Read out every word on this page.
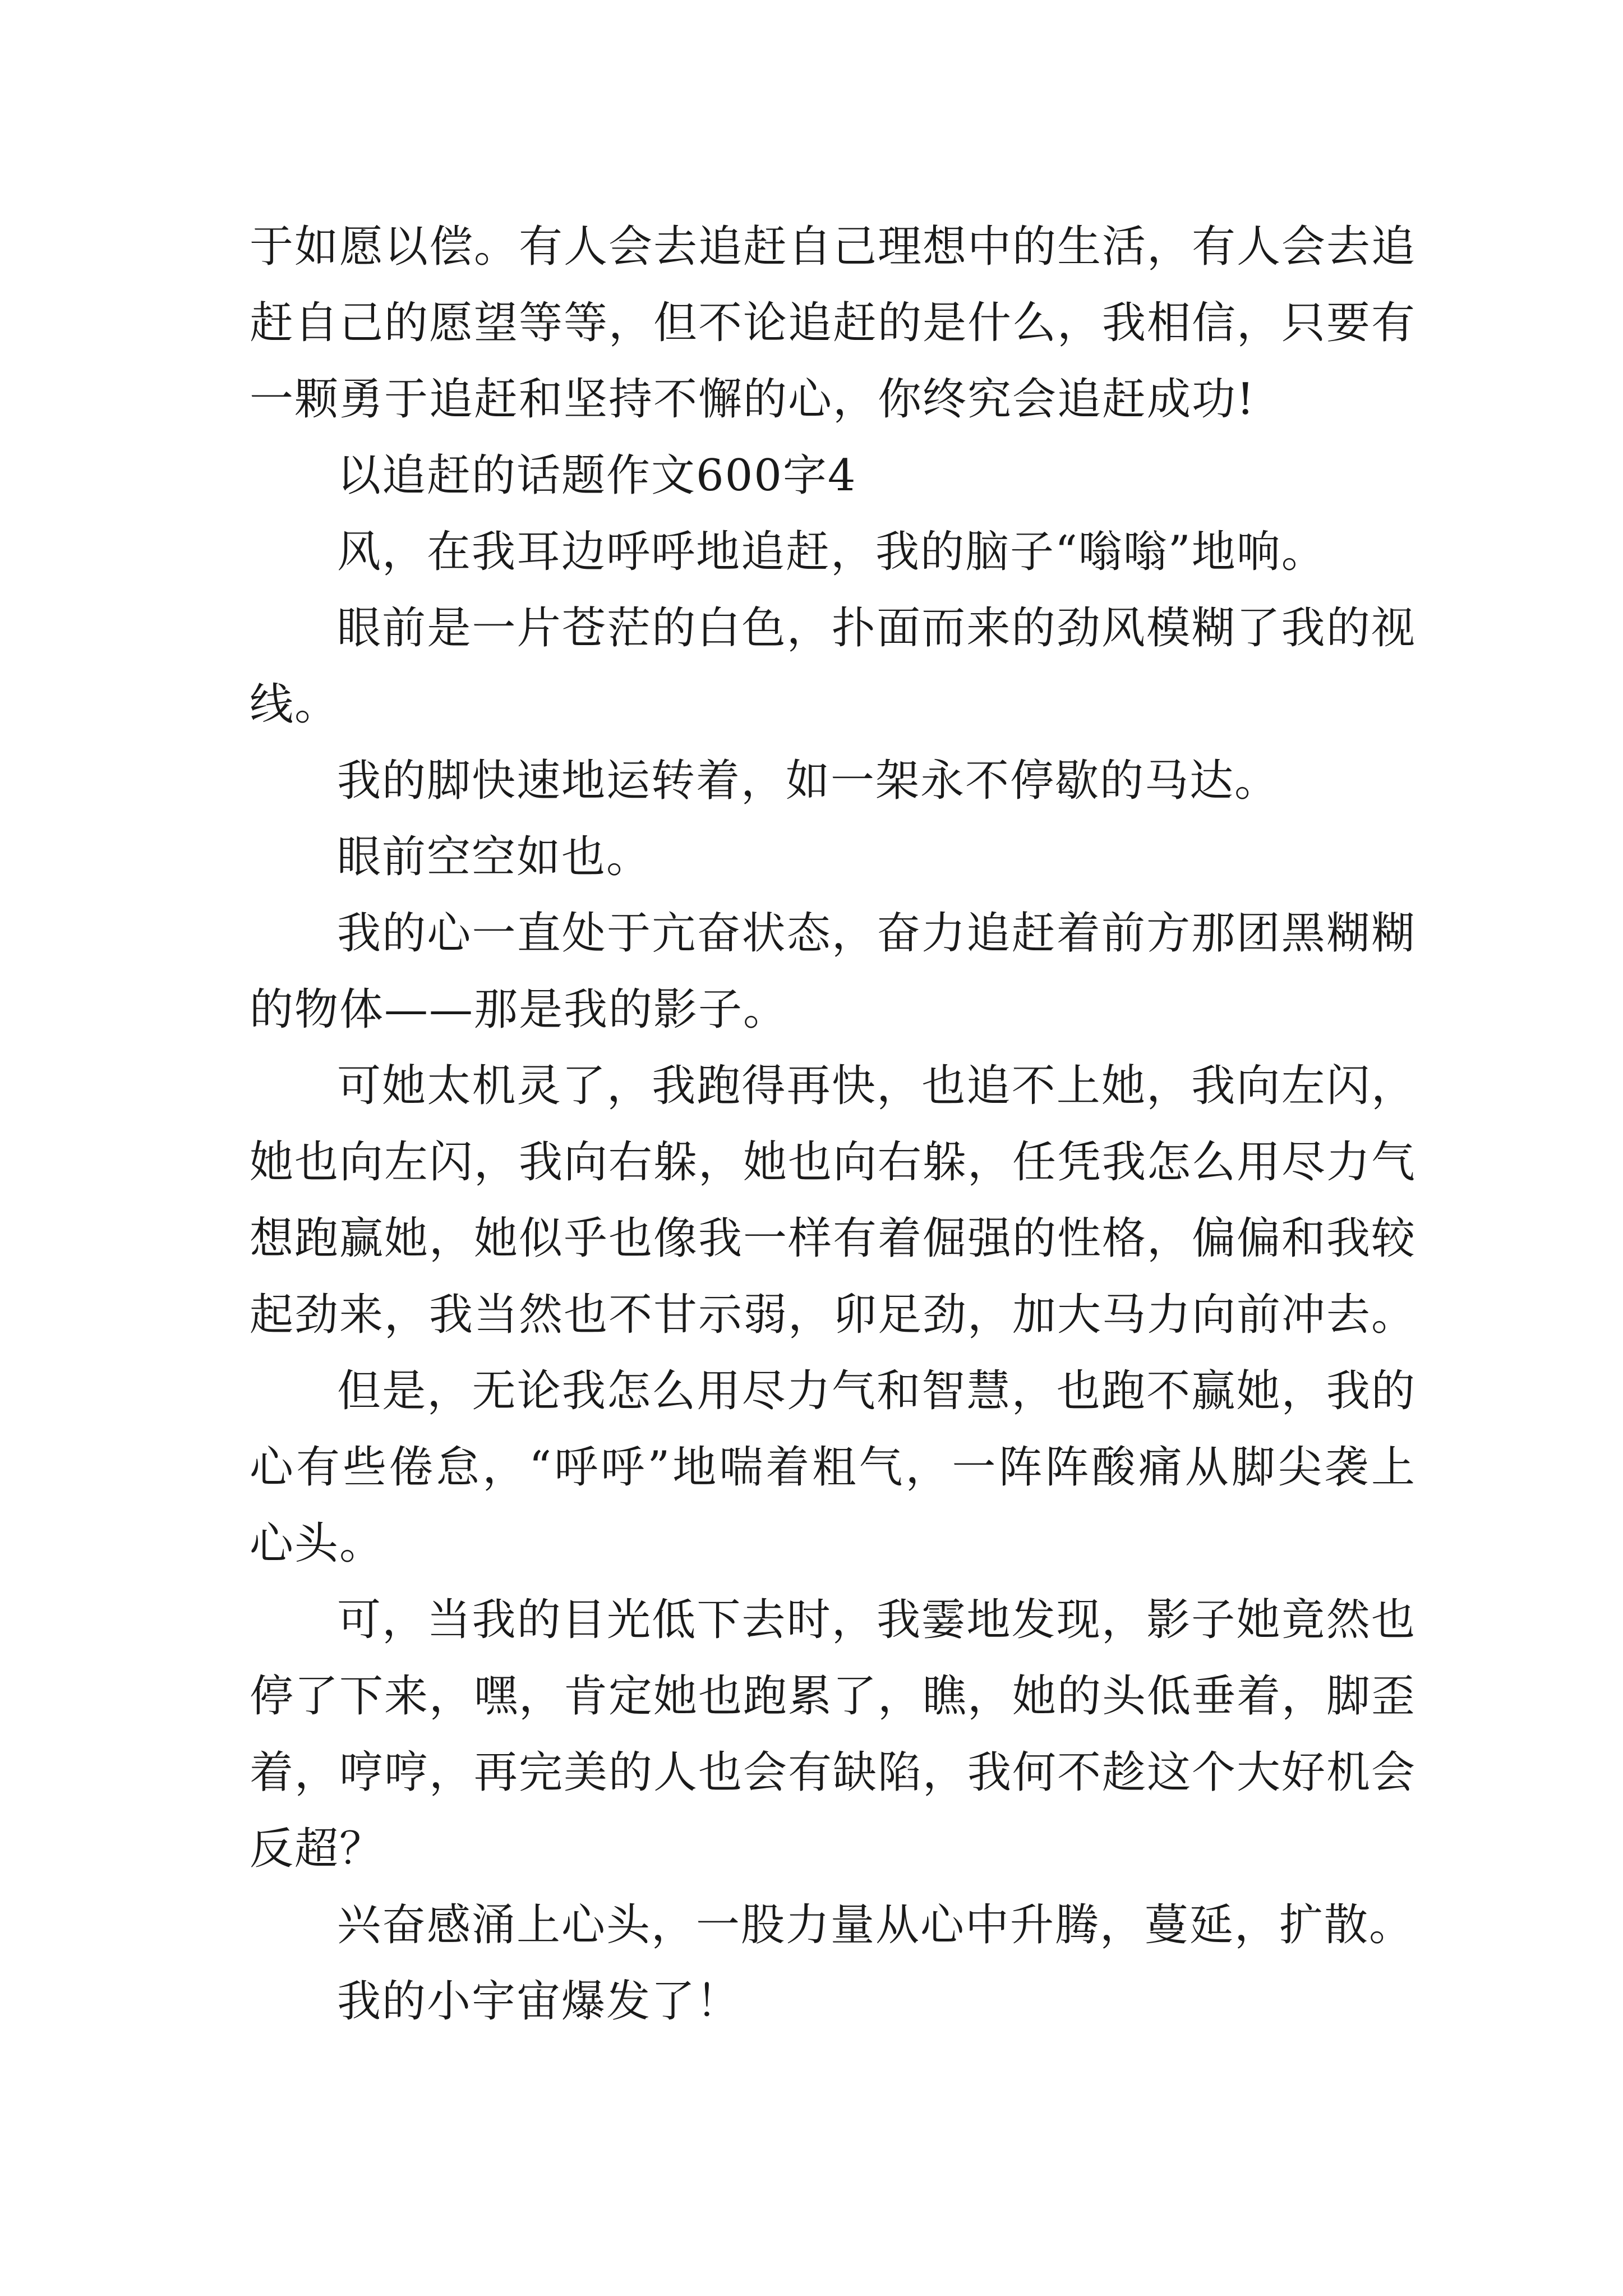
于如愿以偿。有人会去追赶自己理想中的生活，有人会去追赶自己的愿望等等，但不论追赶的是什么，我相信，只要有一颗勇于追赶和坚持不懈的心，你终究会追赶成功!

以追赶的话题作文600字4

风，在我耳边呼呼地追赶，我的脑子“嗡嗡”地响。

眼前是一片苍茫的白色，扑面而来的劲风模糊了我的视线。

我的脚快速地运转着，如一架永不停歇的马达。

眼前空空如也。

我的心一直处于亢奋状态，奋力追赶着前方那团黑糊糊的物体——那是我的影子。

可她太机灵了，我跑得再快，也追不上她，我向左闪，她也向左闪，我向右躲，她也向右躲，任凭我怎么用尽力气想跑赢她，她似乎也像我一样有着倔强的性格，偏偏和我较起劲来，我当然也不甘示弱，卯足劲，加大马力向前冲去。

但是，无论我怎么用尽力气和智慧，也跑不赢她，我的心有些倦怠，“呼呼”地喘着粗气，一阵阵酸痛从脚尖袭上心头。

可，当我的目光低下去时，我霎地发现，影子她竟然也停了下来，嘿，肯定她也跑累了，瞧，她的头低垂着，脚歪着，哼哼，再完美的人也会有缺陷，我何不趁这个大好机会反超？

兴奋感涌上心头，一股力量从心中升腾，蔓延，扩散。

我的小宇宙爆发了！
